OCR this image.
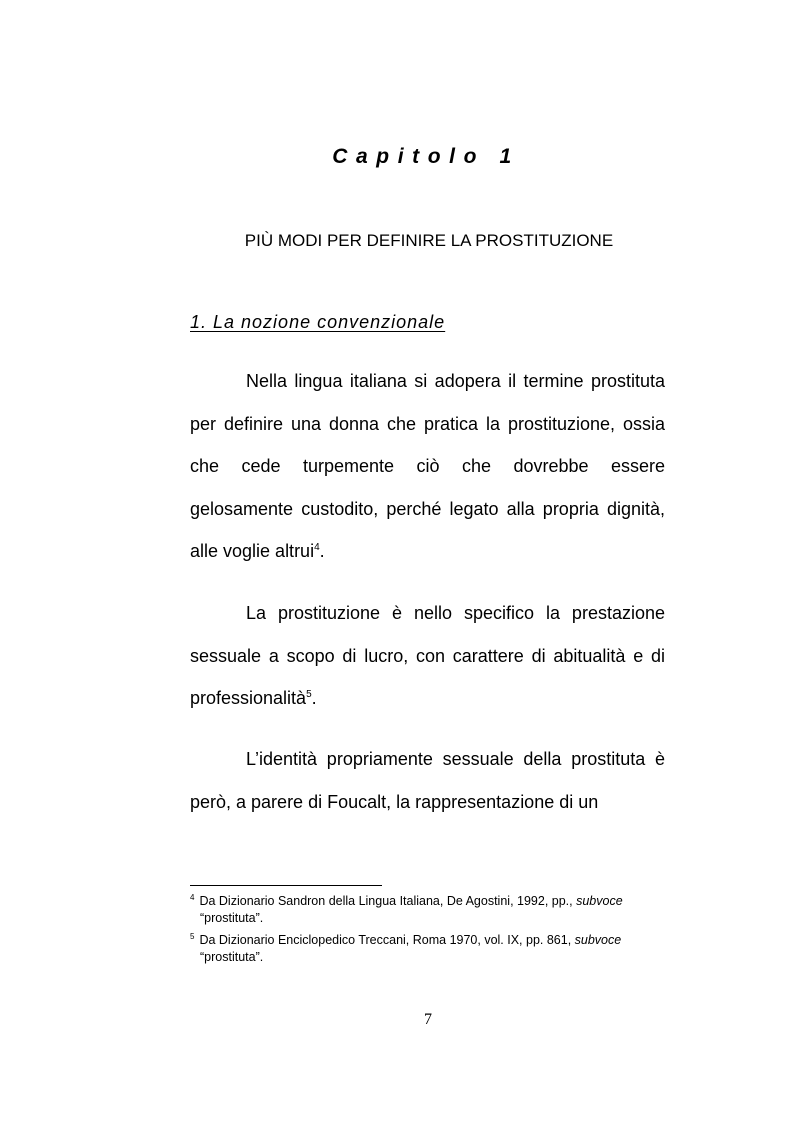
Capitolo 1
PIÙ MODI PER DEFINIRE LA PROSTITUZIONE
1. La nozione convenzionale

Nella lingua italiana si adopera il termine prostituta per definire una donna che pratica la prostituzione, ossia che cede turpemente ciò che dovrebbe essere gelosamente custodito, perché legato alla propria dignità, alle voglie altrui$^4$.

La prostituzione è nello specifico la prestazione sessuale a scopo di lucro, con carattere di abitualità e di professionalità$^5$.

L’identità propriamente sessuale della prostituta è però, a parere di Foucalt, la rappresentazione di un

$^4$ Da Dizionario Sandron della Lingua Italiana, De Agostini, 1992, pp., subvoce “prostituta”.

$^5$ Da Dizionario Enciclopedico Treccani, Roma 1970, vol. IX, pp. 861, subvoce “prostituta”.

7
